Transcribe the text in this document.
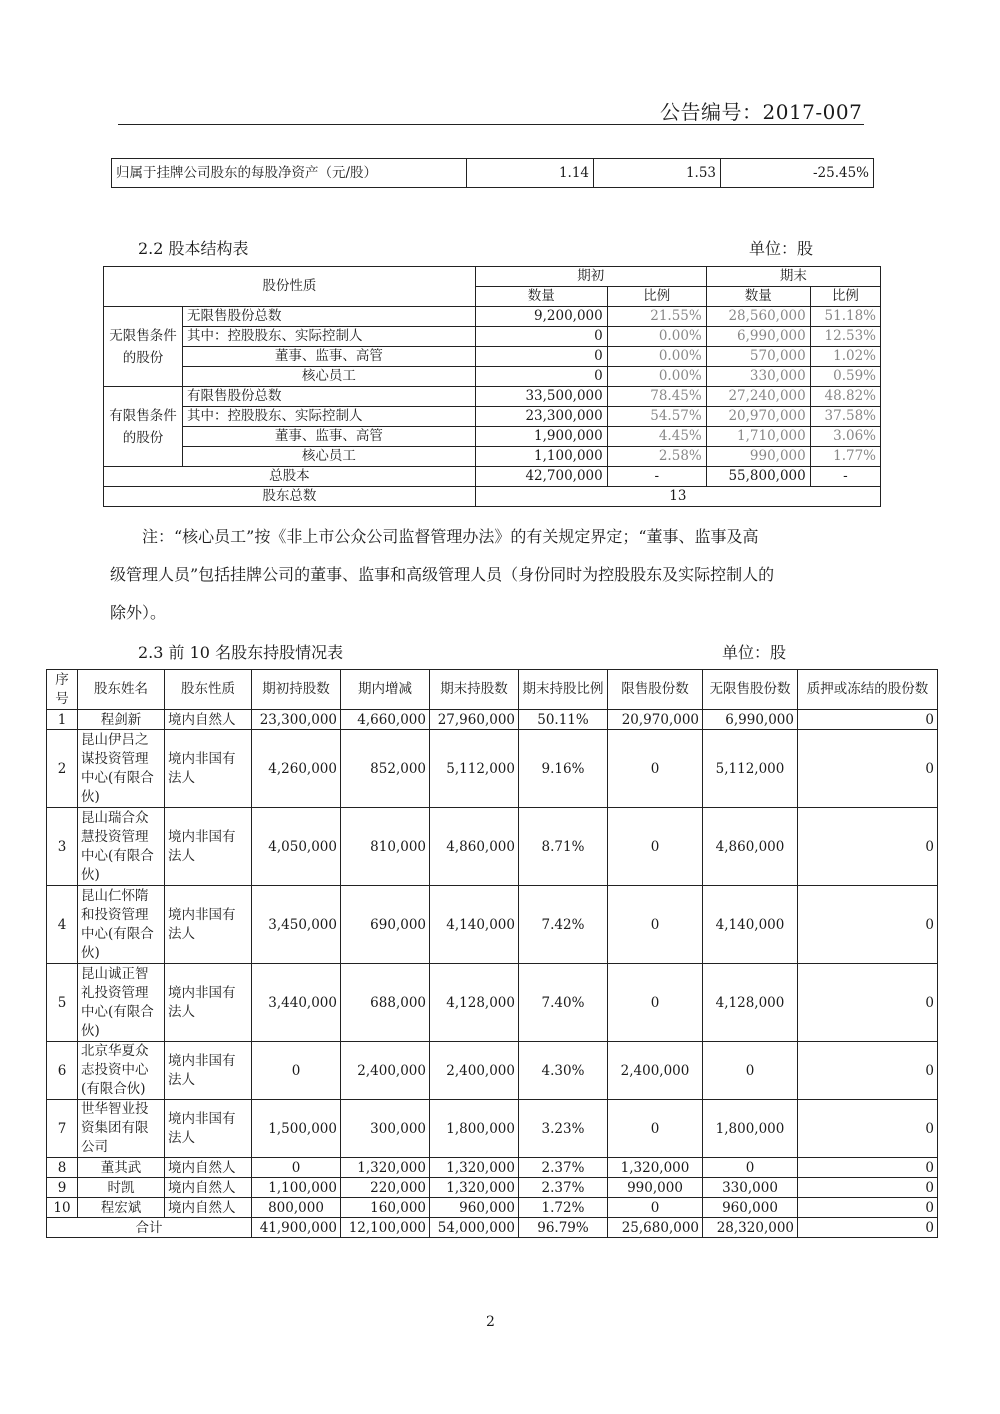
公告编号：2017-007
归属于挂牌公司股东的每股净资产（元/股）	1.14	1.53	-25.45%
2.2 股本结构表	单位：股
股份性质		期初		期末	
		数量	比例	数量	比例
无限售条件的股份	无限售股份总数	9,200,000	21.55%	28,560,000	51.18%
	其中：控股股东、实际控制人	0	0.00%	6,990,000	12.53%
	董事、监事、高管	0	0.00%	570,000	1.02%
	核心员工	0	0.00%	330,000	0.59%
有限售条件的股份	有限售股份总数	33,500,000	78.45%	27,240,000	48.82%
	其中：控股股东、实际控制人	23,300,000	54.57%	20,970,000	37.58%
	董事、监事、高管	1,900,000	4.45%	1,710,000	3.06%
	核心员工	1,100,000	2.58%	990,000	1.77%
总股本		42,700,000	-	55,800,000	-
股东总数		13			

注：“核心员工”按《非上市公众公司监督管理办法》的有关规定界定；“董事、监事及高

级管理人员”包括挂牌公司的董事、监事和高级管理人员（身份同时为控股股东及实际控制人的

除外）。

2.3 前 10 名股东持股情况表	单位：股
序号	股东姓名	股东性质	期初持股数	期内增减	期末持股数	期末持股比例	限售股份数	无限售股份数	质押或冻结的股份数
1	程剑新	境内自然人	23,300,000	4,660,000	27,960,000	50.11%	20,970,000	6,990,000	0
2	昆山伊吕之谋投资管理中心(有限合伙)	境内非国有法人	4,260,000	852,000	5,112,000	9.16%	0	5,112,000	0
3	昆山瑞合众慧投资管理中心(有限合伙)	境内非国有法人	4,050,000	810,000	4,860,000	8.71%	0	4,860,000	0
4	昆山仁怀隋和投资管理中心(有限合伙)	境内非国有法人	3,450,000	690,000	4,140,000	7.42%	0	4,140,000	0
5	昆山诚正智礼投资管理中心(有限合伙)	境内非国有法人	3,440,000	688,000	4,128,000	7.40%	0	4,128,000	0
6	北京华夏众志投资中心(有限合伙)	境内非国有法人	0	2,400,000	2,400,000	4.30%	2,400,000	0	0
7	世华智业投资集团有限公司	境内非国有法人	1,500,000	300,000	1,800,000	3.23%	0	1,800,000	0
8	董其武	境内自然人	0	1,320,000	1,320,000	2.37%	1,320,000	0	0
9	时凯	境内自然人	1,100,000	220,000	1,320,000	2.37%	990,000	330,000	0
10	程宏斌	境内自然人	800,000	160,000	960,000	1.72%	0	960,000	0
合计			41,900,000	12,100,000	54,000,000	96.79%	25,680,000	28,320,000	0
2
